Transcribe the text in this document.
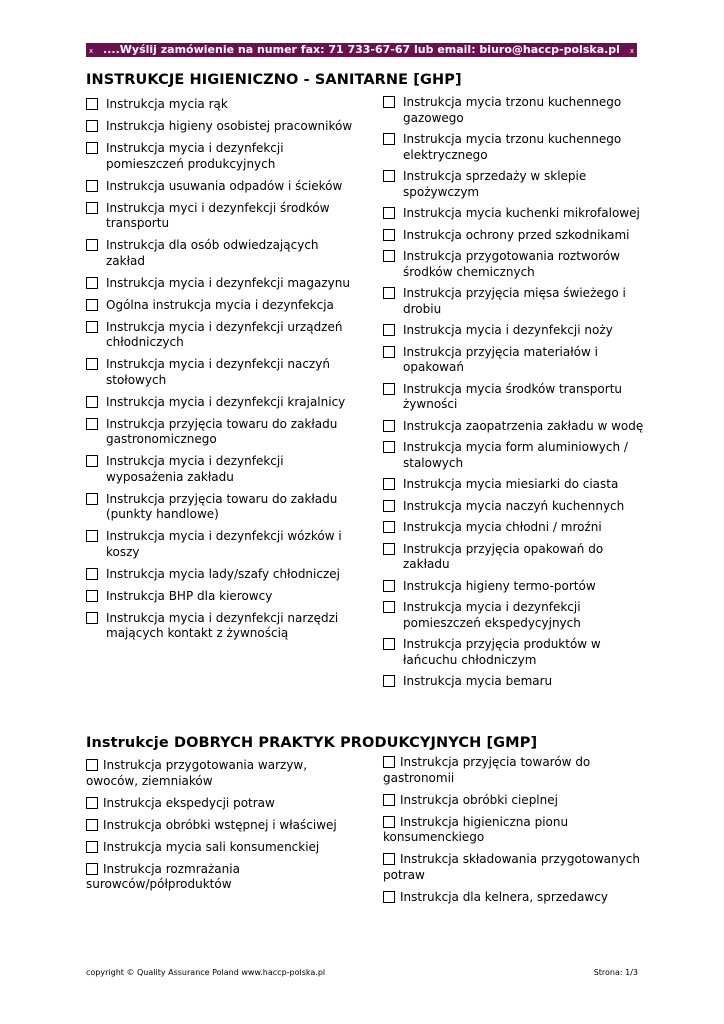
x ....Wyślij zamówienie na numer fax: 71 733-67-67 lub email: biuro@haccp-polska.pl x
INSTRUKCJE HIGIENICZNO - SANITARNE [GHP]
Instrukcja mycia rąk
Instrukcja higieny osobistej pracowników
Instrukcja mycia i dezynfekcji pomieszczeń produkcyjnych
Instrukcja usuwania odpadów i ścieków
Instrukcja myci i dezynfekcji środków transportu
Instrukcja dla osób odwiedzających zakład
Instrukcja mycia i dezynfekcji magazynu
Ogólna instrukcja mycia i dezynfekcja
Instrukcja mycia i dezynfekcji urządzeń chłodniczych
Instrukcja mycia i dezynfekcji naczyń stołowych
Instrukcja mycia i dezynfekcji krajalnicy
Instrukcja przyjęcia towaru do zakładu gastronomicznego
Instrukcja mycia i dezynfekcji wyposażenia zakładu
Instrukcja przyjęcia towaru do zakładu (punkty handlowe)
Instrukcja mycia i dezynfekcji wózków i koszy
Instrukcja mycia lady/szafy chłodniczej
Instrukcja BHP dla kierowcy
Instrukcja mycia i dezynfekcji narzędzi mających kontakt z żywnością
Instrukcja mycia trzonu kuchennego gazowego
Instrukcja mycia trzonu kuchennego elektrycznego
Instrukcja sprzedaży w sklepie spożywczym
Instrukcja mycia kuchenki mikrofalowej
Instrukcja ochrony przed szkodnikami
Instrukcja przygotowania roztworów środków chemicznych
Instrukcja przyjęcia mięsa świeżego i drobiu
Instrukcja mycia i dezynfekcji noży
Instrukcja przyjęcia materiałów i opakowań
Instrukcja mycia środków transportu żywności
Instrukcja zaopatrzenia zakładu w wodę
Instrukcja mycia form aluminiowych / stalowych
Instrukcja mycia miesiarki do ciasta
Instrukcja mycia naczyń kuchennych
Instrukcja mycia chłodni / mroźni
Instrukcja przyjęcia opakowań do zakładu
Instrukcja higieny termo-portów
Instrukcja mycia i dezynfekcji pomieszczeń ekspedycyjnych
Instrukcja przyjęcia produktów w łańcuchu chłodniczym
Instrukcja mycia bemaru
Instrukcje DOBRYCH PRAKTYK PRODUKCYJNYCH [GMP]
Instrukcja przygotowania warzyw, owoców, ziemniaków
Instrukcja ekspedycji potraw
Instrukcja obróbki wstępnej i właściwej
Instrukcja mycia sali konsumenckiej
Instrukcja rozmrażania surowców/półproduktów
Instrukcja przyjęcia towarów do gastronomii
Instrukcja obróbki cieplnej
Instrukcja higieniczna pionu konsumenckiego
Instrukcja składowania przygotowanych potraw
Instrukcja dla kelnera, sprzedawcy
copyright © Quality Assurance Poland www.haccp-polska.pl	Strona: 1/3
